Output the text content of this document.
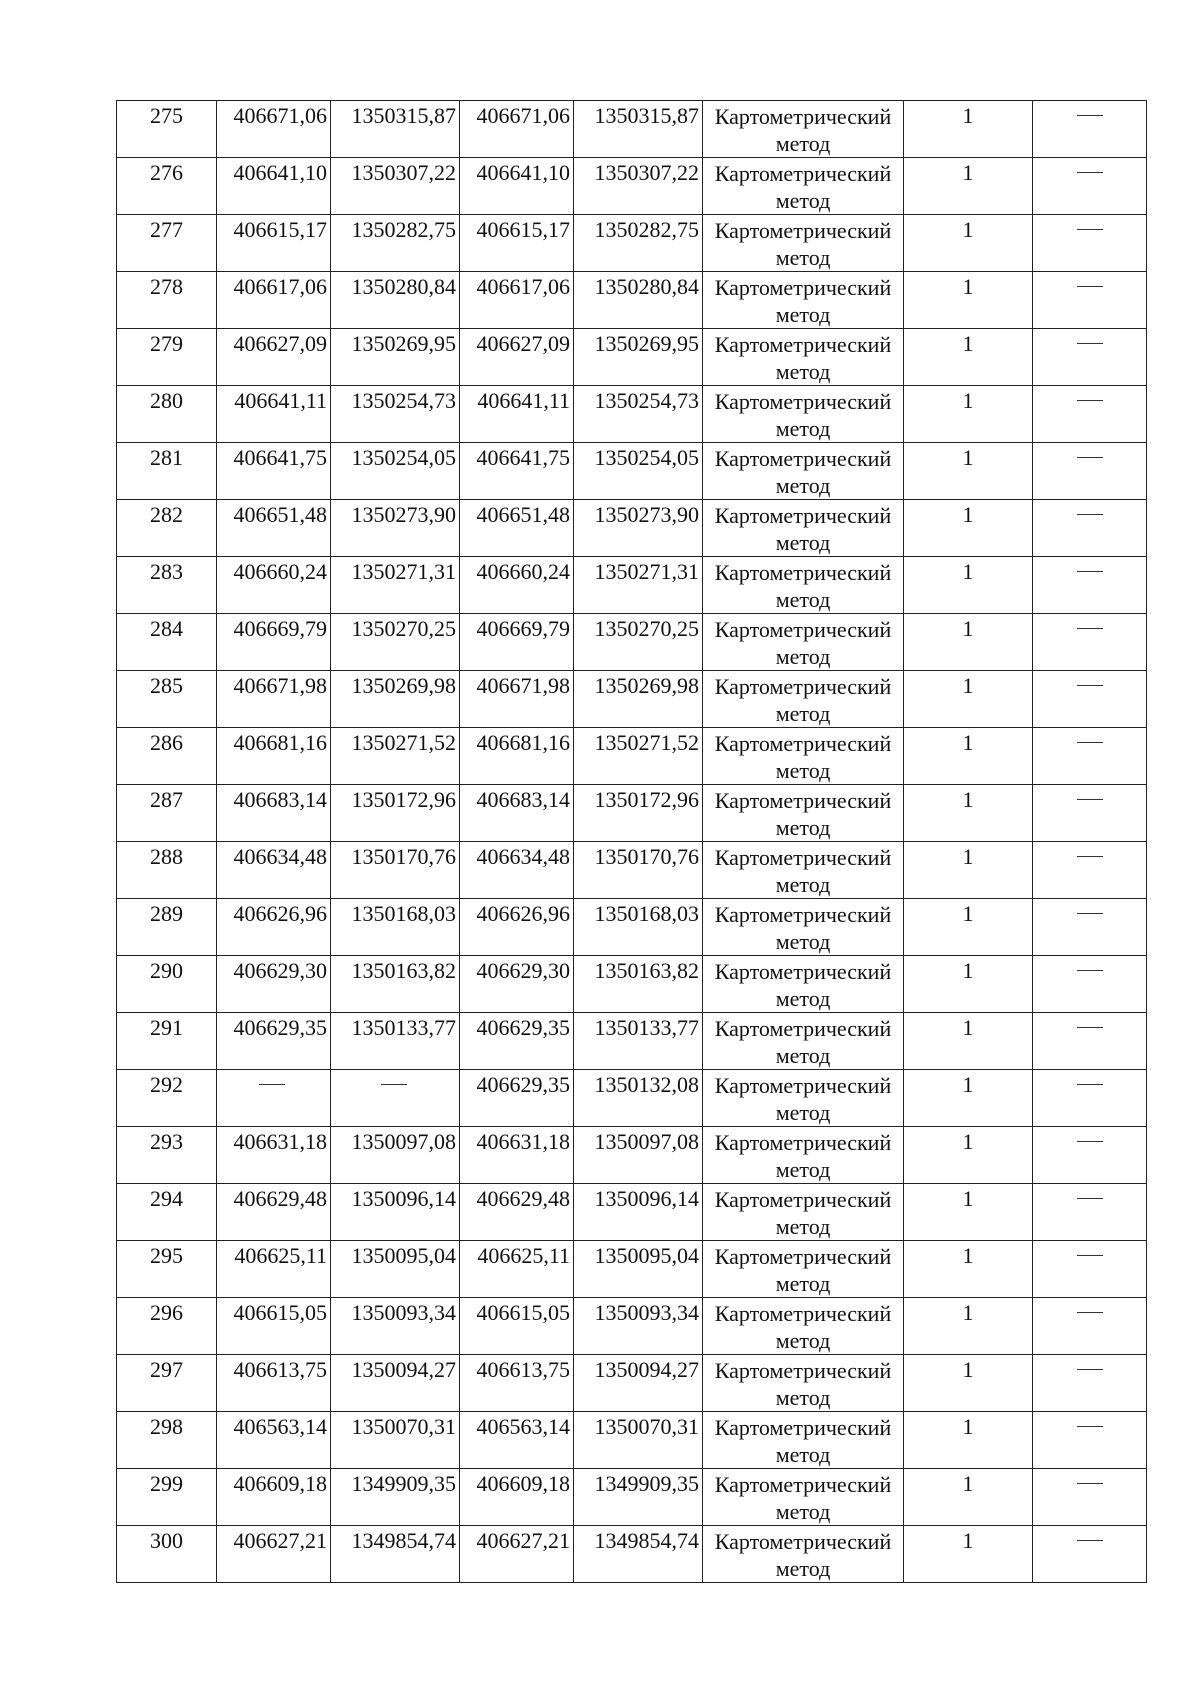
275	406671,06	1350315,87	406671,06	1350315,87	Картометрический
метод	1	
276	406641,10	1350307,22	406641,10	1350307,22	Картометрический
метод	1	
277	406615,17	1350282,75	406615,17	1350282,75	Картометрический
метод	1	
278	406617,06	1350280,84	406617,06	1350280,84	Картометрический
метод	1	
279	406627,09	1350269,95	406627,09	1350269,95	Картометрический
метод	1	
280	406641,11	1350254,73	406641,11	1350254,73	Картометрический
метод	1	
281	406641,75	1350254,05	406641,75	1350254,05	Картометрический
метод	1	
282	406651,48	1350273,90	406651,48	1350273,90	Картометрический
метод	1	
283	406660,24	1350271,31	406660,24	1350271,31	Картометрический
метод	1	
284	406669,79	1350270,25	406669,79	1350270,25	Картометрический
метод	1	
285	406671,98	1350269,98	406671,98	1350269,98	Картометрический
метод	1	
286	406681,16	1350271,52	406681,16	1350271,52	Картометрический
метод	1	
287	406683,14	1350172,96	406683,14	1350172,96	Картометрический
метод	1	
288	406634,48	1350170,76	406634,48	1350170,76	Картометрический
метод	1	
289	406626,96	1350168,03	406626,96	1350168,03	Картометрический
метод	1	
290	406629,30	1350163,82	406629,30	1350163,82	Картометрический
метод	1	
291	406629,35	1350133,77	406629,35	1350133,77	Картометрический
метод	1	
292			406629,35	1350132,08	Картометрический
метод	1	
293	406631,18	1350097,08	406631,18	1350097,08	Картометрический
метод	1	
294	406629,48	1350096,14	406629,48	1350096,14	Картометрический
метод	1	
295	406625,11	1350095,04	406625,11	1350095,04	Картометрический
метод	1	
296	406615,05	1350093,34	406615,05	1350093,34	Картометрический
метод	1	
297	406613,75	1350094,27	406613,75	1350094,27	Картометрический
метод	1	
298	406563,14	1350070,31	406563,14	1350070,31	Картометрический
метод	1	
299	406609,18	1349909,35	406609,18	1349909,35	Картометрический
метод	1	
300	406627,21	1349854,74	406627,21	1349854,74	Картометрический
метод	1	
